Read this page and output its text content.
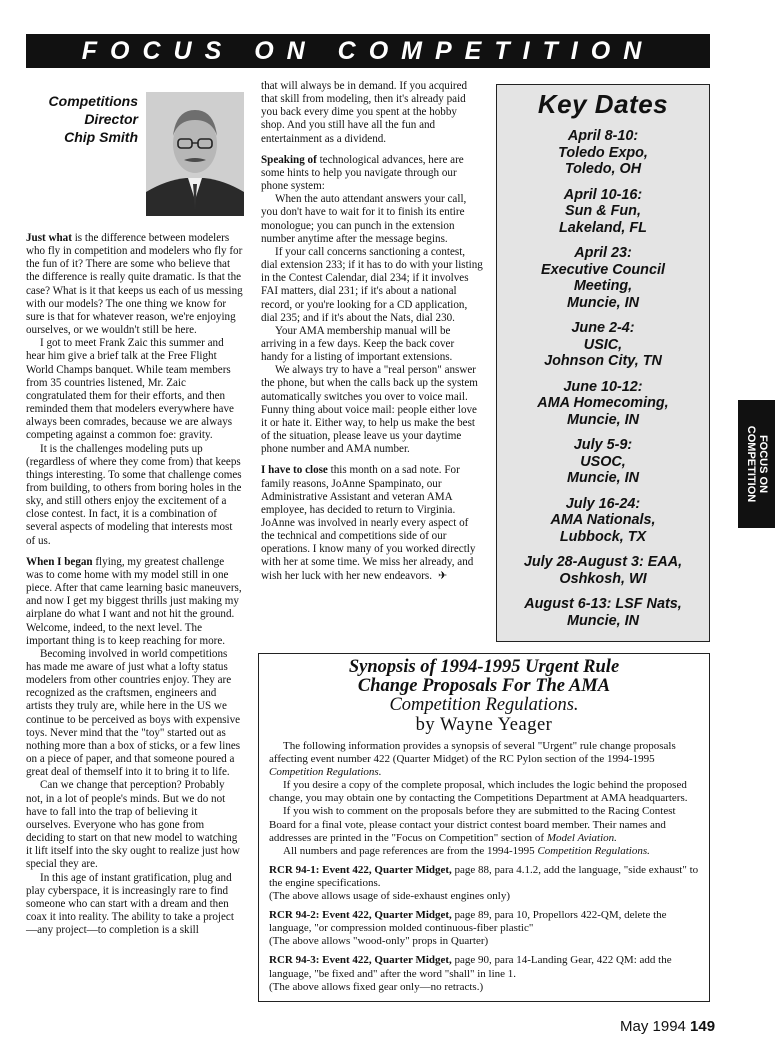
FOCUS ON COMPETITION
Competitions
Director
Chip Smith

Just what is the difference between modelers who fly in competition and modelers who fly for the fun of it? There are some who believe that the difference is really quite dramatic. Is that the case? What is it that keeps us each of us messing with our models? The one thing we know for sure is that for whatever reason, we're enjoying ourselves, or we wouldn't still be here.

I got to meet Frank Zaic this summer and hear him give a brief talk at the Free Flight World Champs banquet. While team members from 35 countries listened, Mr. Zaic congratulated them for their efforts, and then reminded them that modelers everywhere have always been comrades, because we are always competing against a common foe: gravity.

It is the challenges modeling puts up (regardless of where they come from) that keeps things interesting. To some that challenge comes from building, to others from boring holes in the sky, and still others enjoy the excitement of a close contest. In fact, it is a combination of several aspects of modeling that interests most of us.

When I began flying, my greatest challenge was to come home with my model still in one piece. After that came learning basic maneuvers, and now I get my biggest thrills just making my airplane do what I want and not hit the ground. Welcome, indeed, to the next level. The important thing is to keep reaching for more.

Becoming involved in world competitions has made me aware of just what a lofty status modelers from other countries enjoy. They are recognized as the craftsmen, engineers and artists they truly are, while here in the US we continue to be perceived as boys with expensive toys. Never mind that the "toy" started out as nothing more than a box of sticks, or a few lines on a piece of paper, and that someone poured a great deal of themself into it to bring it to life.

Can we change that perception? Probably not, in a lot of people's minds. But we do not have to fall into the trap of believing it ourselves. Everyone who has gone from deciding to start on that new model to watching it lift itself into the sky ought to realize just how special they are.

In this age of instant gratification, plug and play cyberspace, it is increasingly rare to find someone who can start with a dream and then coax it into reality. The ability to take a project—any project—to completion is a skill

that will always be in demand. If you acquired that skill from modeling, then it's already paid you back every dime you spent at the hobby shop. And you still have all the fun and entertainment as a dividend.

Speaking of technological advances, here are some hints to help you navigate through our phone system:

When the auto attendant answers your call, you don't have to wait for it to finish its entire monologue; you can punch in the extension number anytime after the message begins.

If your call concerns sanctioning a contest, dial extension 233; if it has to do with your listing in the Contest Calendar, dial 234; if it involves FAI matters, dial 231; if it's about a national record, or you're looking for a CD application, dial 235; and if it's about the Nats, dial 230.

Your AMA membership manual will be arriving in a few days. Keep the back cover handy for a listing of important extensions.

We always try to have a "real person" answer the phone, but when the calls back up the system automatically switches you over to voice mail. Funny thing about voice mail: people either love it or hate it. Either way, to help us make the best of the situation, please leave us your daytime phone number and AMA number.

I have to close this month on a sad note. For family reasons, JoAnne Spampinato, our Administrative Assistant and veteran AMA employee, has decided to return to Virginia. JoAnne was involved in nearly every aspect of the technical and competitions side of our operations. I know many of you worked directly with her at some time. We miss her already, and wish her luck with her new endeavors. ✈

Key Dates
April 8-10:
Toledo Expo,
Toledo, OH
April 10-16:
Sun & Fun,
Lakeland, FL
April 23:
Executive Council
Meeting,
Muncie, IN
June 2-4:
USIC,
Johnson City, TN
June 10-12:
AMA Homecoming,
Muncie, IN
July 5-9:
USOC,
Muncie, IN
July 16-24:
AMA Nationals,
Lubbock, TX
July 28-August 3: EAA,
Oshkosh, WI
August 6-13: LSF Nats,
Muncie, IN
Synopsis of 1994-1995 Urgent Rule
Change Proposals For The AMA
Competition Regulations.
by Wayne Yeager

The following information provides a synopsis of several "Urgent" rule change proposals affecting event number 422 (Quarter Midget) of the RC Pylon section of the 1994-1995 Competition Regulations.

If you desire a copy of the complete proposal, which includes the logic behind the proposed change, you may obtain one by contacting the Competitions Department at AMA headquarters.

If you wish to comment on the proposals before they are submitted to the Racing Contest Board for a final vote, please contact your district contest board member. Their names and addresses are printed in the "Focus on Competition" section of Model Aviation.

All numbers and page references are from the 1994-1995 Competition Regulations.

RCR 94-1: Event 422, Quarter Midget, page 88, para 4.1.2, add the language, "side exhaust" to the engine specifications.
(The above allows usage of side-exhaust engines only)

RCR 94-2: Event 422, Quarter Midget, page 89, para 10, Propellors 422-QM, delete the language, "or compression molded continuous-fiber plastic"
(The above allows "wood-only" props in Quarter)

RCR 94-3: Event 422, Quarter Midget, page 90, para 14-Landing Gear, 422 QM: add the language, "be fixed and" after the word "shall" in line 1.
(The above allows fixed gear only—no retracts.)

FOCUS ON
COMPETITION
May 1994 149
